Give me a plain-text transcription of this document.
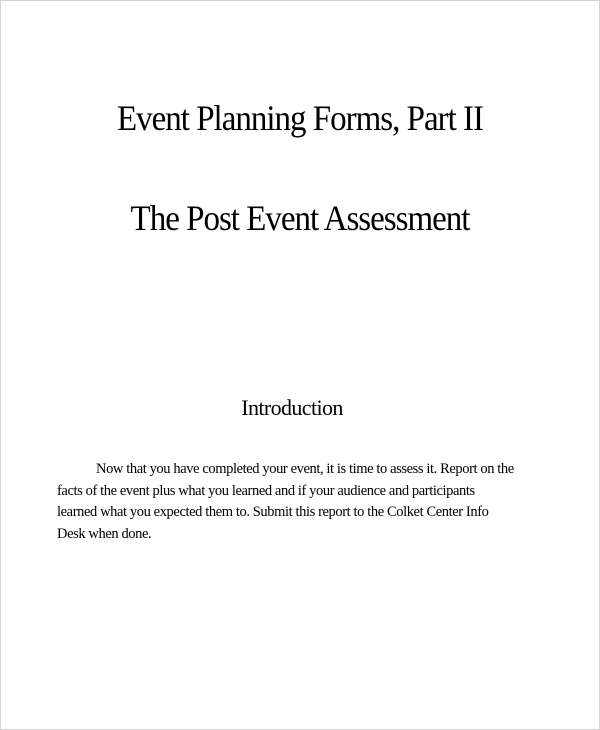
Event Planning Forms, Part II
The Post Event Assessment
Introduction
Now that you have completed your event, it is time to assess it. Report on the
facts of the event plus what you learned and if your audience and participants
learned what you expected them to. Submit this report to the Colket Center Info
Desk when done.
